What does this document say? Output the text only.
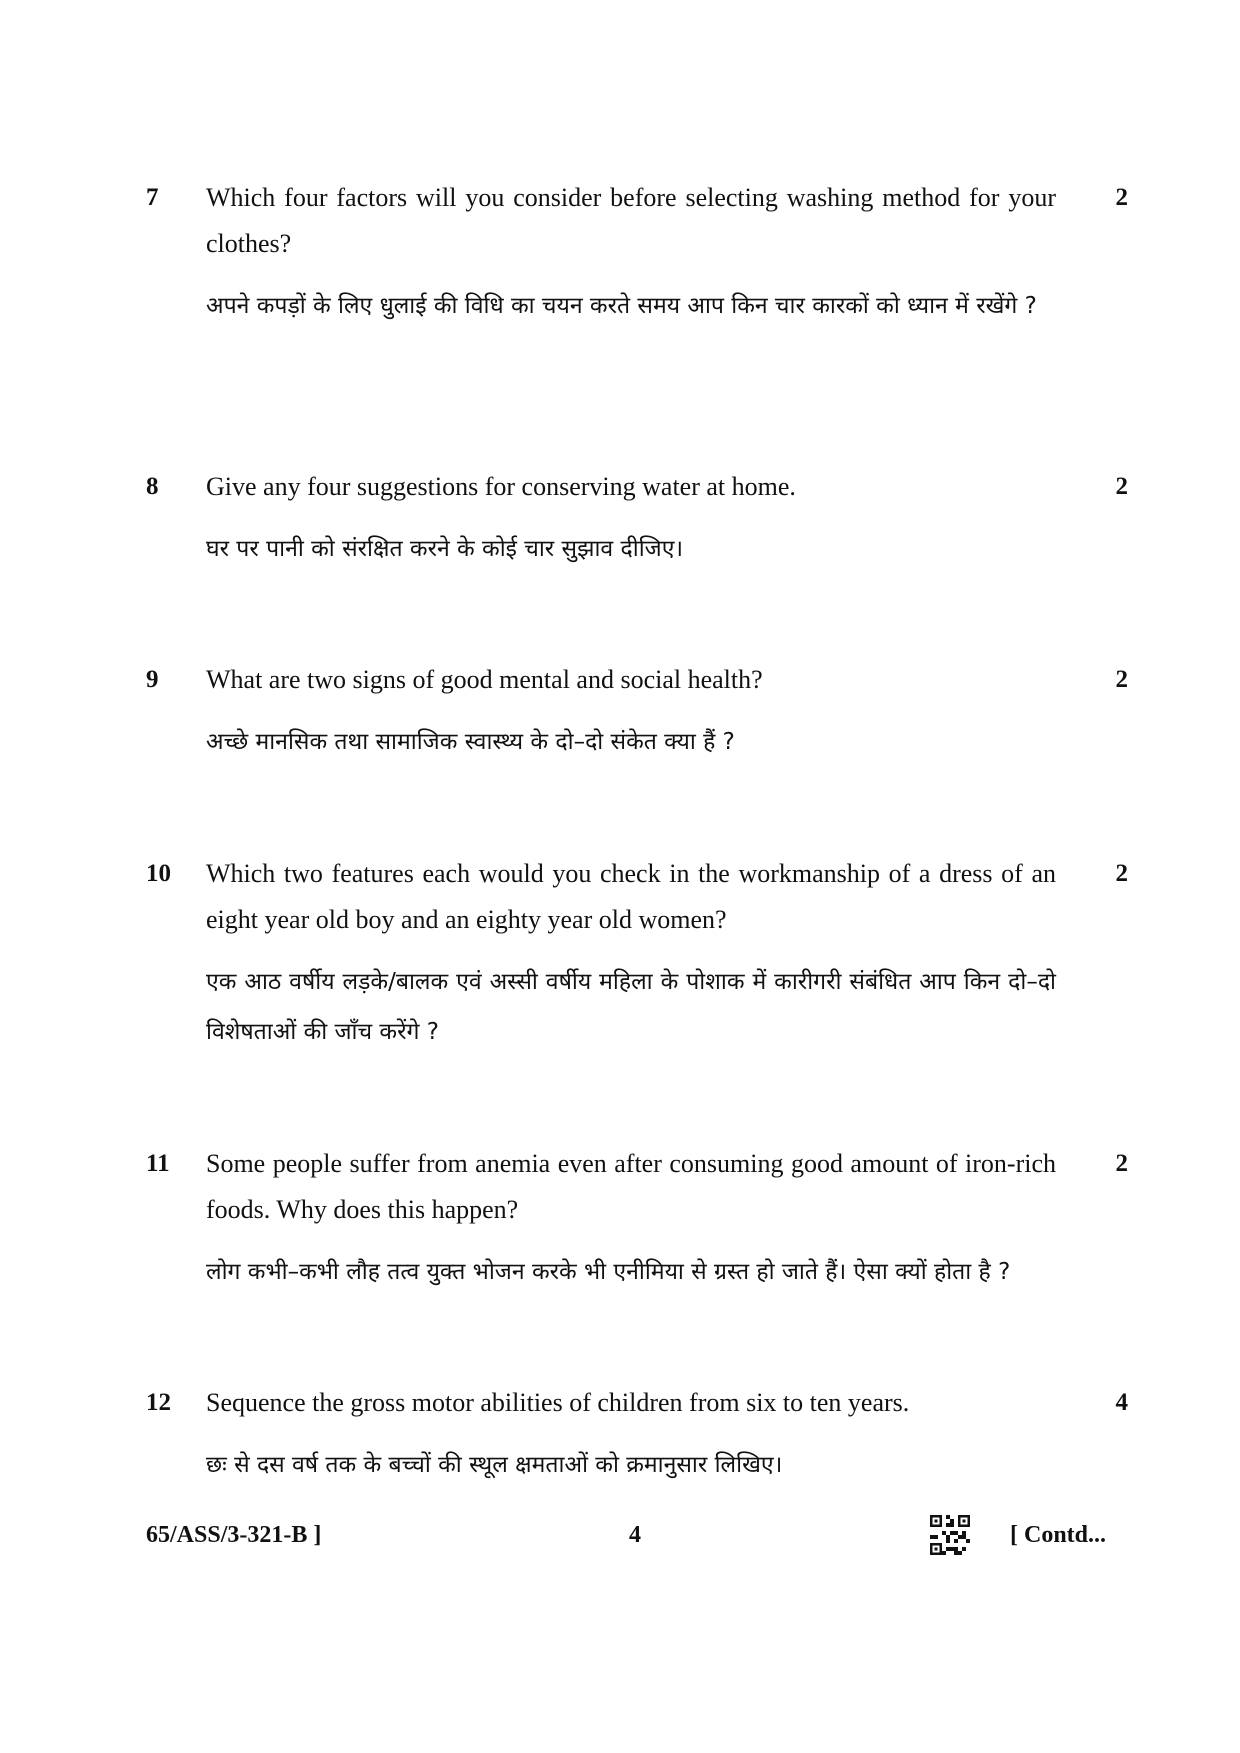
7 Which four factors will you consider before selecting washing method for your clothes?

अपने कपड़ों के लिए धुलाई की विधि का चयन करते समय आप किन चार कारकों को ध्यान में रखेंगे ?

2
8 Give any four suggestions for conserving water at home.

घर पर पानी को संरक्षित करने के कोई चार सुझाव दीजिए।

2
9 What are two signs of good mental and social health?

अच्छे मानसिक तथा सामाजिक स्वास्थ्य के दो–दो संकेत क्या हैं ?

2
10 Which two features each would you check in the workmanship of a dress of an eight year old boy and an eighty year old women?

एक आठ वर्षीय लड़के/बालक एवं अस्सी वर्षीय महिला के पोशाक में कारीगरी संबंधित आप किन दो–दो विशेषताओं की जाँच करेंगे ?

2
11 Some people suffer from anemia even after consuming good amount of iron-rich foods. Why does this happen?

लोग कभी–कभी लौह तत्व युक्त भोजन करके भी एनीमिया से ग्रस्त हो जाते हैं। ऐसा क्यों होता है ?

2
12 Sequence the gross motor abilities of children from six to ten years.

छः से दस वर्ष तक के बच्चों की स्थूल क्षमताओं को क्रमानुसार लिखिए।

4
65/ASS/3-321-B ]	4	[ Contd...
